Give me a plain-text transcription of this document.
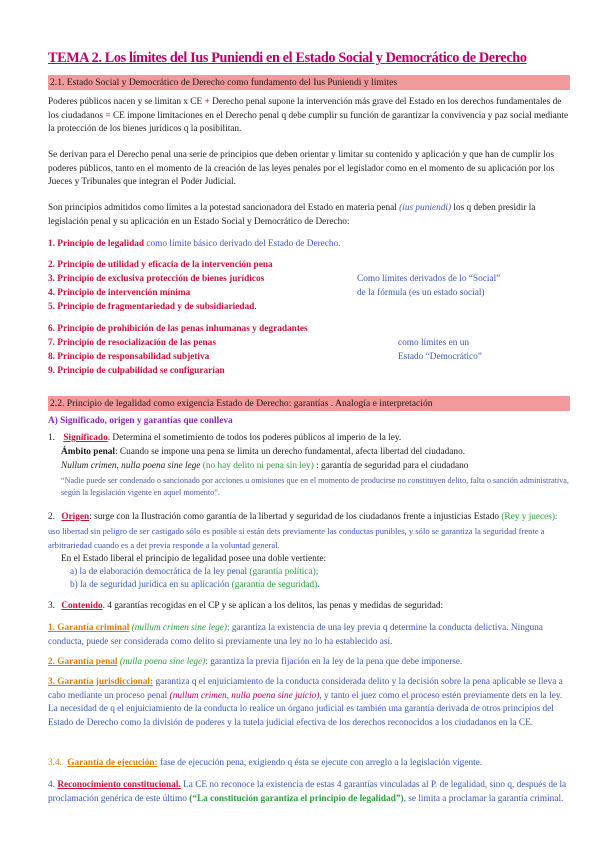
TEMA 2. Los límites del Ius Puniendi en el Estado Social y Democrático de Derecho
2.1. Estado Social y Democrático de Derecho como fundamento del Ius Puniendi y límites
Poderes públicos nacen y se limitan x CE + Derecho penal supone la intervención más grave del Estado en los derechos fundamentales de los ciudadanos = CE impone limitaciones en el Derecho penal q debe cumplir su función de garantizar la convivencia y paz social mediante la protección de los bienes jurídicos q la posibilitan.
Se derivan para el Derecho penal una serie de principios que deben orientar y limitar su contenido y aplicación y que han de cumplir los poderes públicos, tanto en el momento de la creación de las leyes penales por el legislador como en el momento de su aplicación por los Jueces y Tribunales que integran el Poder Judicial.
Son principios admitidos como límites a la potestad sancionadora del Estado en materia penal (ius puniendi) los q deben presidir la legislación penal y su aplicación en un Estado Social y Democrático de Derecho:
1. Principio de legalidad como límite básico derivado del Estado de Derecho.
2. Principio de utilidad y eficacia de la intervención pena
3. Principio de exclusiva protección de bienes jurídicos
4. Principio de intervención mínima
5. Principio de fragmentariedad y de subsidiariedad.
Como límites derivados de lo “Social”
de la fórmula (es un estado social)
6. Principio de prohibición de las penas inhumanas y degradantes
7. Principio de resocialización de las penas
8. Principio de responsabilidad subjetiva
9. Principio de culpabilidad se configurarían
como límites en un
Estado “Democrático”
2.2. Principio de legalidad como exigencia Estado de Derecho: garantías . Analogía e interpretación
A) Significado, origen y garantías que conlleva
1. Significado. Determina el sometimiento de todos los poderes públicos al imperio de la ley.
Ámbito penal: Cuando se impone una pena se limita un derecho fundamental, afecta libertad del ciudadano.
Nullum crimen, nulla poena sine lege (no hay delito ni pena sin ley) : garantía de seguridad para el ciudadano
“Nadie puede ser condenado o sancionado por acciones u omisiones que en el momento de producirse no constituyen delito, falta o sanción administrativa, según la legislación vigente en aquel momento”.
2. Origen: surge con la Ilustración como garantía de la libertad y seguridad de los ciudadanos frente a injusticias Estado (Rey y jueces): uso libertad sin peligro de ser castigado sólo es posible si están dets previamente las conductas punibles, y sólo se garantiza la seguridad frente a arbitrariedad cuando es a det previa responde a la voluntad general.
En el Estado liberal el principio de legalidad posee una doble vertiente:
a) la de elaboración democrática de la ley penal (garantía política);
b) la de seguridad jurídica en su aplicación (garantía de seguridad).
3. Contenido. 4 garantías recogidas en el CP y se aplican a los delitos, las penas y medidas de seguridad:
1. Garantía criminal (nullum crimen sine lege): garantiza la existencia de una ley previa q determine la conducta delictiva. Ninguna conducta, puede ser considerada como delito si previamente una ley no lo ha establecido así.
2. Garantía penal (nulla poena sine lege): garantiza la previa fijación en la ley de la pena que debe imponerse.
3. Garantía jurisdiccional: garantiza q el enjuiciamiento de la conducta considerada delito y la decisión sobre la pena aplicable se lleva a cabo mediante un proceso penal (nullum crimen, nulla poena sine juicio), y tanto el juez como el proceso estén previamente dets en la ley. La necesidad de q el enjuiciamiento de la conducta lo realice un órgano judicial es también una garantía derivada de otros principios del Estado de Derecho como la división de poderes y la tutela judicial efectiva de los derechos reconocidos a los ciudadanos en la CE.
3.4. Garantía de ejecución: fase de ejecución pena, exigiendo q ésta se ejecute con arreglo a la legislación vigente.
4. Reconocimiento constitucional. La CE no reconoce la existencia de estas 4 garantías vinculadas al P. de legalidad, sino q, después de la proclamación genérica de este último (“La constitución garantiza el principio de legalidad”), se limita a proclamar la garantía criminal.
